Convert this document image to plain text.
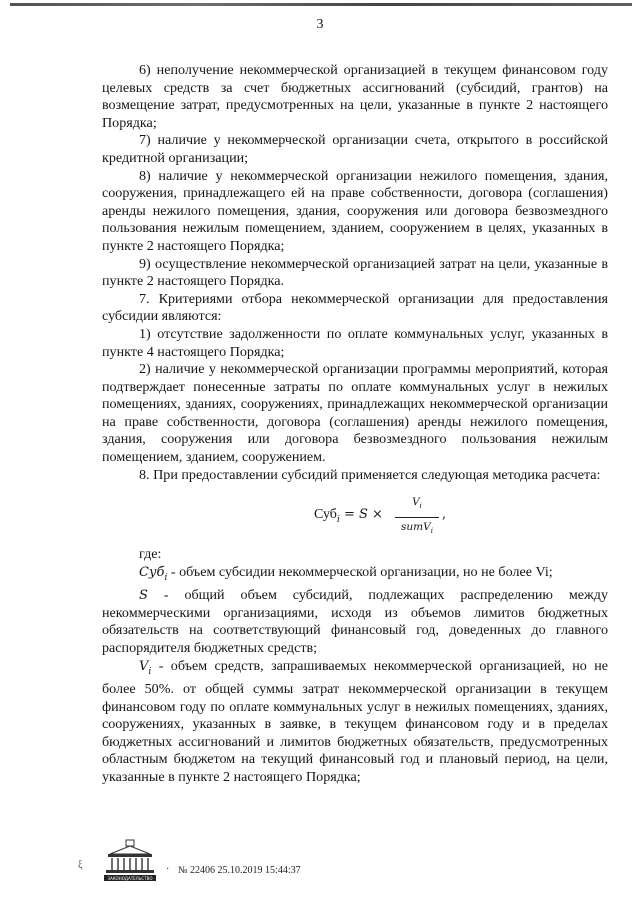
3

6) неполучение некоммерческой организацией в текущем финансовом году целевых средств за счет бюджетных ассигнований (субсидий, грантов) на возмещение затрат, предусмотренных на цели, указанные в пункте 2 настоящего Порядка;

7) наличие у некоммерческой организации счета, открытого в российской кредитной организации;

8) наличие у некоммерческой организации нежилого помещения, здания, сооружения, принадлежащего ей на праве собственности, договора (соглашения) аренды нежилого помещения, здания, сооружения или договора безвозмездного пользования нежилым помещением, зданием, сооружением в целях, указанных в пункте 2 настоящего Порядка;

9) осуществление некоммерческой организацией затрат на цели, указанные в пункте 2 настоящего Порядка.

7. Критериями отбора некоммерческой организации для предоставления субсидии являются:

1) отсутствие задолженности по оплате коммунальных услуг, указанных в пункте 4 настоящего Порядка;

2) наличие у некоммерческой организации программы мероприятий, которая подтверждает понесенные затраты по оплате коммунальных услуг в нежилых помещениях, зданиях, сооружениях, принадлежащих некоммерческой организации на праве собственности, договора (соглашения) аренды нежилого помещения, здания, сооружения или договора безвозмездного пользования нежилым помещением, зданием, сооружением.

8. При предоставлении субсидий применяется следующая методика расчета:

Суб$_i$ = S ×
$V_i$
sumV$_i$
,

где:

Суб$_i$ - объем субсидии некоммерческой организации, но не более Vi;

S - общий объем субсидий, подлежащих распределению между некоммерческими организациями, исходя из объемов лимитов бюджетных обязательств на соответствующий финансовый год, доведенных до главного распорядителя бюджетных средств;

$V_i$ - объем средств, запрашиваемых некоммерческой организацией, но не более 50%. от общей суммы затрат некоммерческой организации в текущем финансовом году по оплате коммунальных услуг в нежилых помещениях, зданиях, сооружениях, указанных в заявке, в текущем финансовом году и в пределах бюджетных ассигнований и лимитов бюджетных обязательств, предусмотренных областным бюджетом на текущий финансовый год и плановый период, на цели, указанные в пункте 2 настоящего Порядка;

ξ
ЗАКОНОДАТЕЛЬСТВО
· № 22406 25.10.2019 15:44:37
